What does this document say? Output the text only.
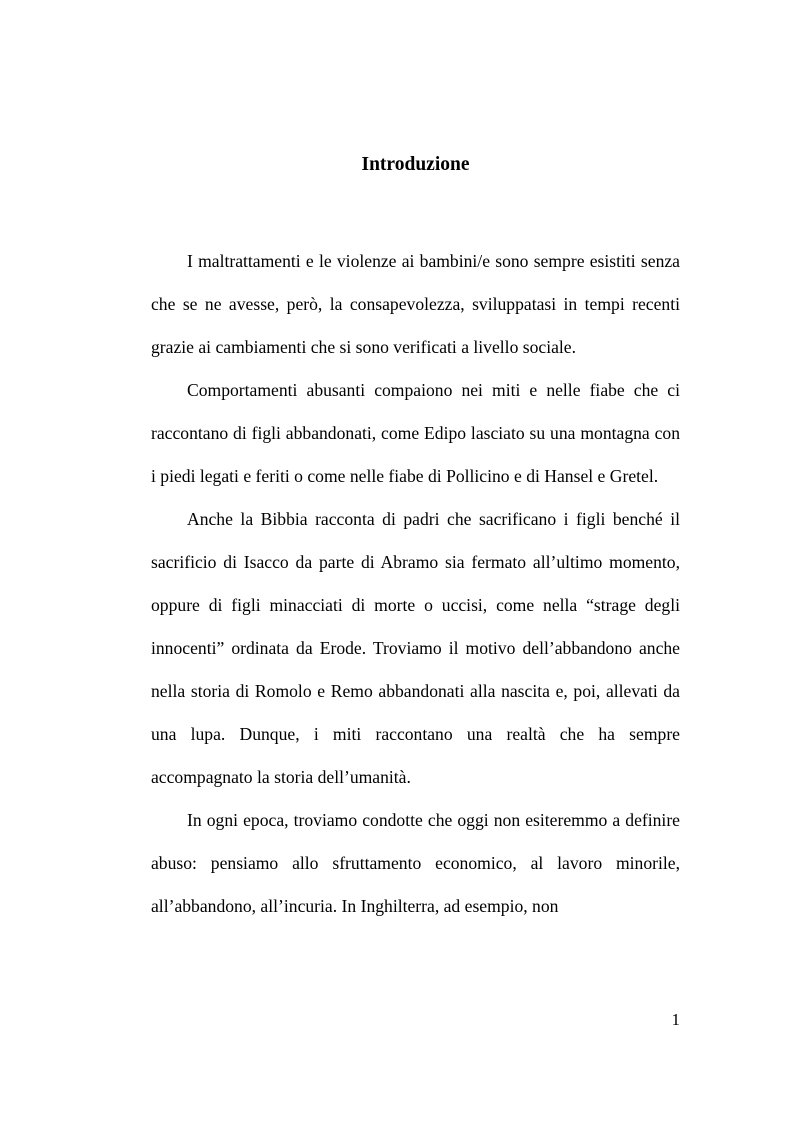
Introduzione

I maltrattamenti e le violenze ai bambini/e sono sempre esistiti senza che se ne avesse, però, la consapevolezza, sviluppatasi in tempi recenti grazie ai cambiamenti che si sono verificati a livello sociale.

Comportamenti abusanti compaiono nei miti e nelle fiabe che ci raccontano di figli abbandonati, come Edipo lasciato su una montagna con i piedi legati e feriti o come nelle fiabe di Pollicino e di Hansel e Gretel.

Anche la Bibbia racconta di padri che sacrificano i figli benché il sacrificio di Isacco da parte di Abramo sia fermato all’ultimo momento, oppure di figli minacciati di morte o uccisi, come nella “strage degli innocenti” ordinata da Erode. Troviamo il motivo dell’abbandono anche nella storia di Romolo e Remo abbandonati alla nascita e, poi, allevati da una lupa. Dunque, i miti raccontano una realtà che ha sempre accompagnato la storia dell’umanità.

In ogni epoca, troviamo condotte che oggi non esiteremmo a definire abuso: pensiamo allo sfruttamento economico, al lavoro minorile, all’abbandono, all’incuria. In Inghilterra, ad esempio, non

1
